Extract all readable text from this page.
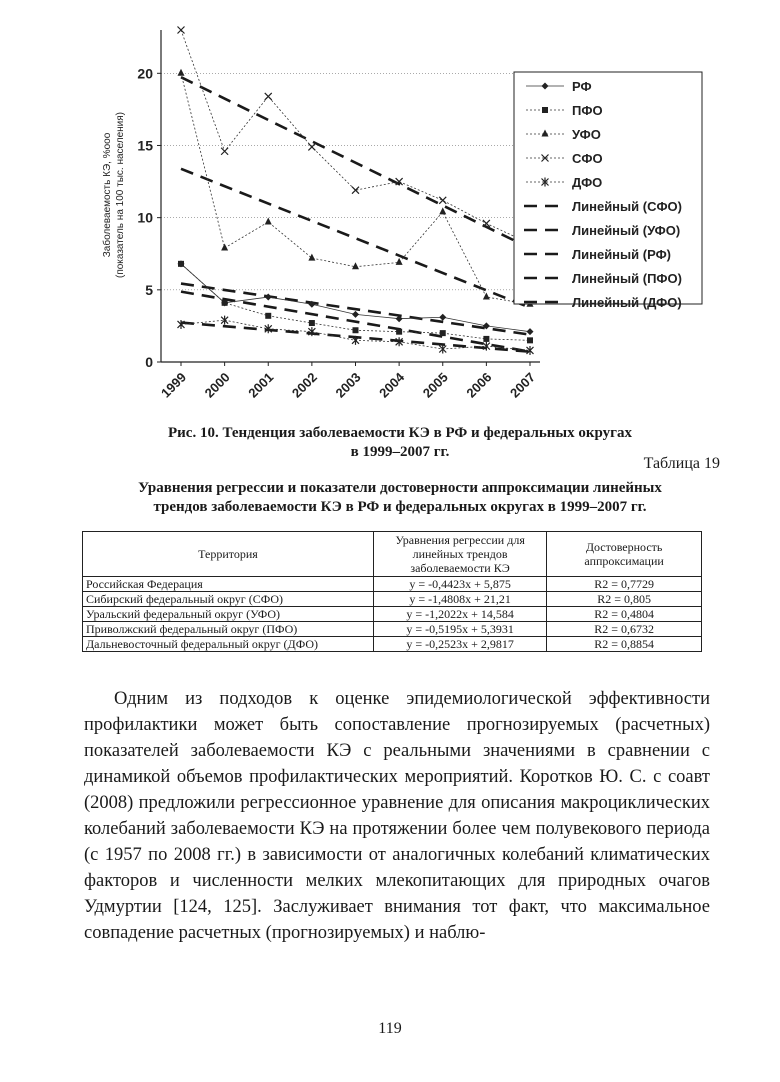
0
5
10
15
20
1999 2000 2001 2002 2003 2004 2005 2006 2007
Заболеваемость КЭ, %ооо (показатель на 100 тыс. населения)
РФ
ПФО
УФО
СФО
ДФО
Линейный (СФО)
Линейный (УФО)
Линейный (РФ)
Линейный (ПФО)
Линейный (ДФО)
Рис. 10. Тенденция заболеваемости КЭ в РФ и федеральных округах
в 1999–2007 гг.
Таблица 19
Уравнения регрессии и показатели достоверности аппроксимации линейных
трендов заболеваемости КЭ в РФ и федеральных округах в 1999–2007 гг.
Территория	Уравнения регрессии для линейных трендов заболеваемости КЭ	Достоверность аппроксимации
Российская Федерация	y = -0,4423x + 5,875	R2 = 0,7729
Сибирский федеральный округ (СФО)	y = -1,4808x + 21,21	R2 = 0,805
Уральский федеральный округ (УФО)	y = -1,2022x + 14,584	R2 = 0,4804
Приволжский федеральный округ (ПФО)	y = -0,5195x + 5,3931	R2 = 0,6732
Дальневосточный федеральный округ (ДФО)	y = -0,2523x + 2,9817	R2 = 0,8854

Одним из подходов к оценке эпидемиологической эффективности профилактики может быть сопоставление прогнозируемых (расчетных) показателей заболеваемости КЭ с реальными значениями в сравнении с динамикой объемов профилактических мероприятий. Коротков Ю. С. с соавт (2008) предложили регрессионное уравнение для описания макроциклических колебаний заболеваемости КЭ на протяжении более чем полувекового периода (с 1957 по 2008 гг.) в зависимости от аналогичных колебаний климатических факторов и численности мелких млекопитающих для природных очагов Удмуртии [124, 125]. Заслуживает внимания тот факт, что максимальное совпадение расчетных (прогнозируемых) и наблю-

119
